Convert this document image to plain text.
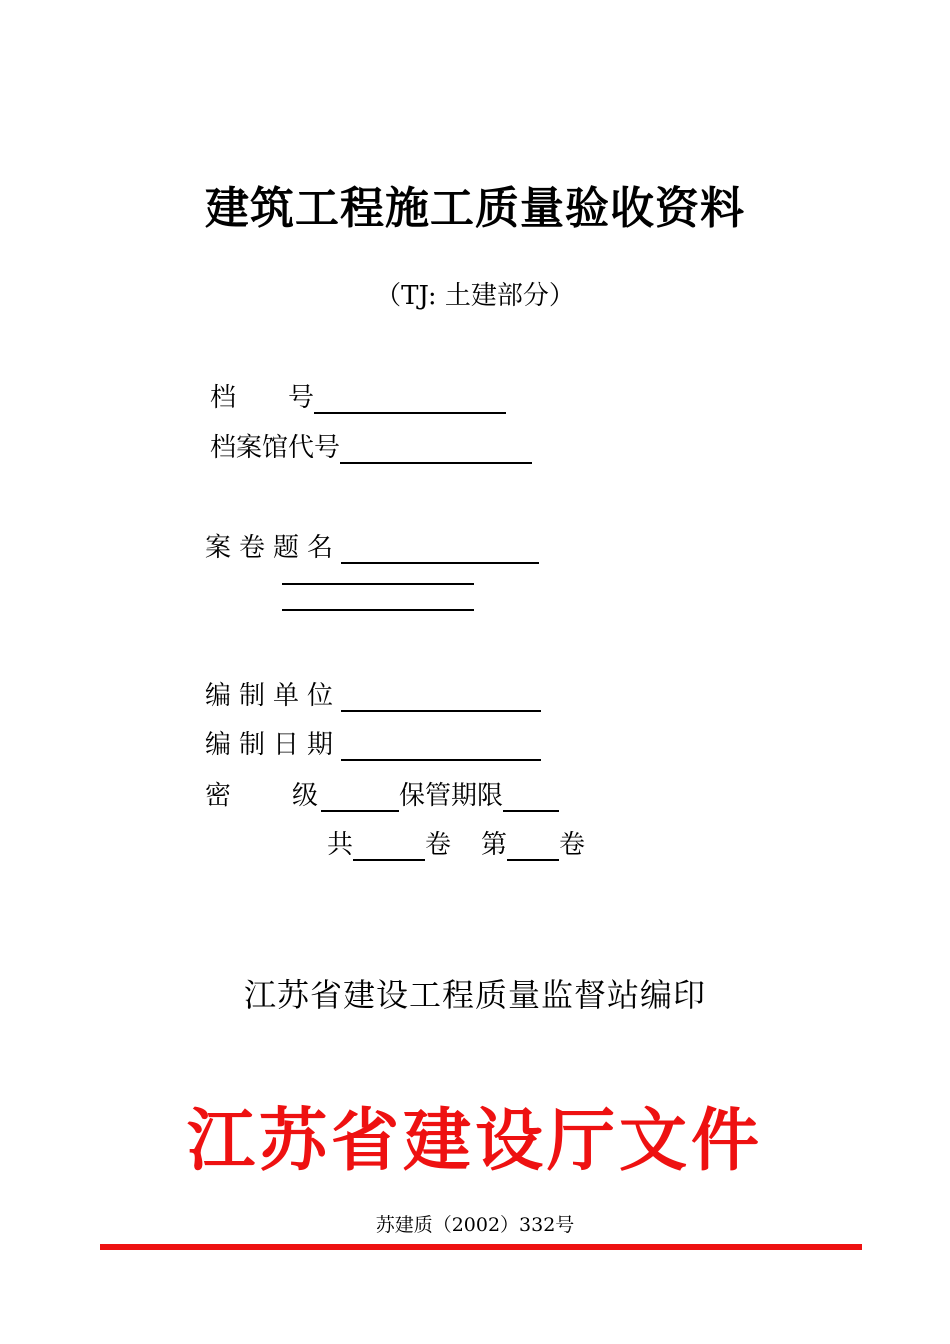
建筑工程施工质量验收资料
（TJ: 土建部分）
档　　号
档案馆代号
案卷题名
编制单位
编制日期
密　　级	保管期限
共	卷 第 卷
江苏省建设工程质量监督站编印
江苏省建设厅文件
苏建质（2002）332号
